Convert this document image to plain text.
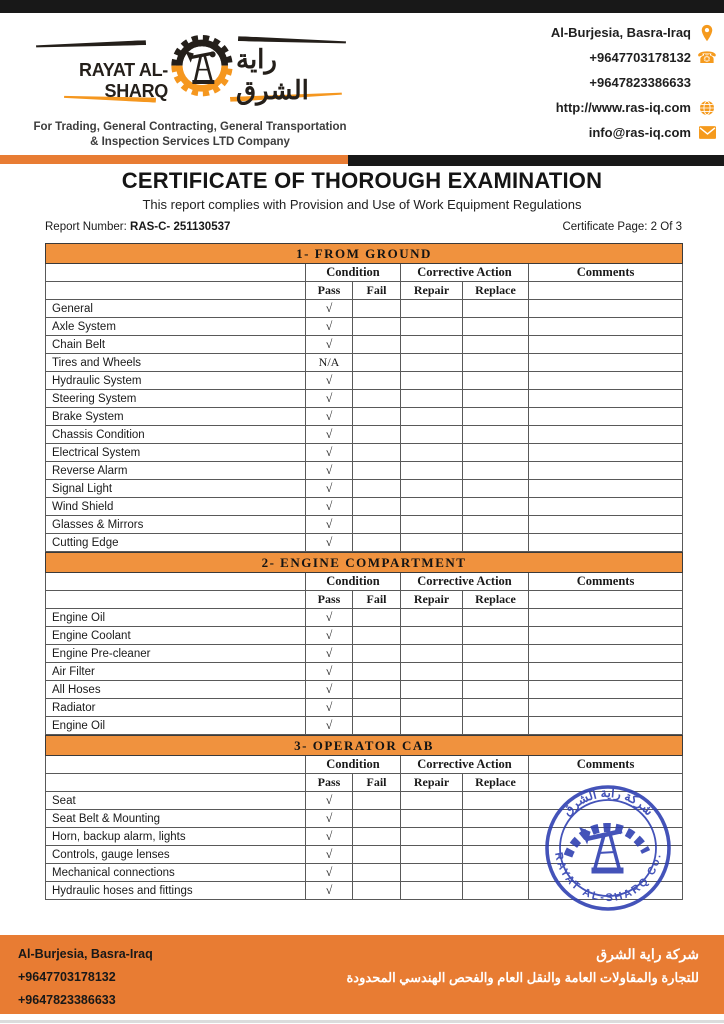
RAYAT AL-SHARQ
راية الشرق
For Trading, General Contracting, General Transportation
& Inspection Services LTD Company
Al-Burjesia, Basra-Iraq
+9647703178132 ☎
+9647823386633
http://www.ras-iq.com
info@ras-iq.com
CERTIFICATE OF THOROUGH EXAMINATION
This report complies with Provision and Use of Work Equipment Regulations
Report Number: RAS-C- 251130537	Certificate Page: 2 Of 3
1- FROM GROUND					
	Condition		Corrective Action		Comments
	Pass	Fail	Repair	Replace	
General	√				
Axle System	√				
Chain Belt	√				
Tires and Wheels	N/A				
Hydraulic System	√				
Steering System	√				
Brake System	√				
Chassis Condition	√				
Electrical System	√				
Reverse Alarm	√				
Signal Light	√				
Wind Shield	√				
Glasses & Mirrors	√				
Cutting Edge	√				
2- ENGINE COMPARTMENT					
	Condition		Corrective Action		Comments
	Pass	Fail	Repair	Replace	
Engine Oil	√				
Engine Coolant	√				
Engine Pre-cleaner	√				
Air Filter	√				
All Hoses	√				
Radiator	√				
Engine Oil	√				
3- OPERATOR CAB					
	Condition		Corrective Action		Comments
	Pass	Fail	Repair	Replace	
Seat	√				
Seat Belt & Mounting	√				
Horn, backup alarm, lights	√				
Controls, gauge lenses	√				
Mechanical connections	√				
Hydraulic hoses and fittings	√				
شركة راية الشرق
RAYAT AL-SHARQ Co.
Al-Burjesia, Basra-Iraq
+9647703178132
+9647823386633
شركة راية الشرق
للتجارة والمقاولات العامة والنقل العام والفحص الهندسي المحدودة
